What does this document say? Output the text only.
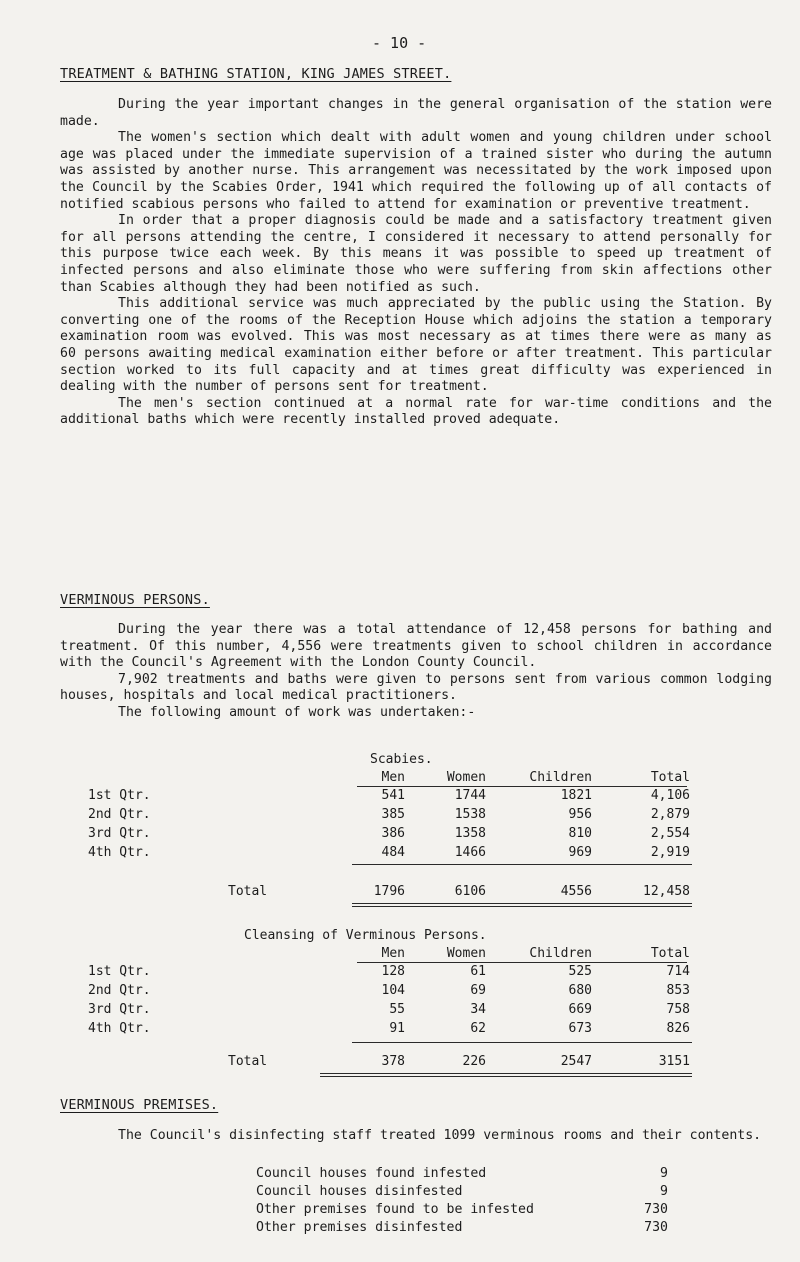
- 10 -
TREATMENT & BATHING STATION, KING JAMES STREET.

During the year important changes in the general organisation of the station were made.

The women's section which dealt with adult women and young children under school age was placed under the immediate supervision of a trained sister who during the autumn was assisted by another nurse. This arrangement was necessitated by the work imposed upon the Council by the Scabies Order, 1941 which required the following up of all contacts of notified scabious persons who failed to attend for examination or preventive treatment.

In order that a proper diagnosis could be made and a satisfactory treatment given for all persons attending the centre, I considered it necessary to attend personally for this purpose twice each week. By this means it was possible to speed up treatment of infected persons and also eliminate those who were suffering from skin affections other than Scabies although they had been notified as such.

This additional service was much appreciated by the public using the Station. By converting one of the rooms of the Reception House which adjoins the station a temporary examination room was evolved. This was most necessary as at times there were as many as 60 persons awaiting medical examination either before or after treatment. This particular section worked to its full capacity and at times great difficulty was experienced in dealing with the number of persons sent for treatment.

The men's section continued at a normal rate for war-time conditions and the additional baths which were recently installed proved adequate.

VERMINOUS PERSONS.

During the year there was a total attendance of 12,458 persons for bathing and treatment. Of this number, 4,556 were treatments given to school children in accordance with the Council's Agreement with the London County Council.

7,902 treatments and baths were given to persons sent from various common lodging houses, hospitals and local medical practitioners.

The following amount of work was undertaken:-

Scabies.
Men	Women	Children	Total
1st Qtr.	541	1744	1821	4,106
2nd Qtr.	385	1538	956	2,879
3rd Qtr.	386	1358	810	2,554
4th Qtr.	484	1466	969	2,919
Total	1796	6106	4556	12,458
Cleansing of Verminous Persons.
Men	Women	Children	Total
1st Qtr.	128	61	525	714
2nd Qtr.	104	69	680	853
3rd Qtr.	55	34	669	758
4th Qtr.	91	62	673	826
Total	378	226	2547	3151
VERMINOUS PREMISES.

The Council's disinfecting staff treated 1099 verminous rooms and their contents.

Council houses found infested	9
Council houses disinfested	9
Other premises found to be infested	730
Other premises disinfested	730
